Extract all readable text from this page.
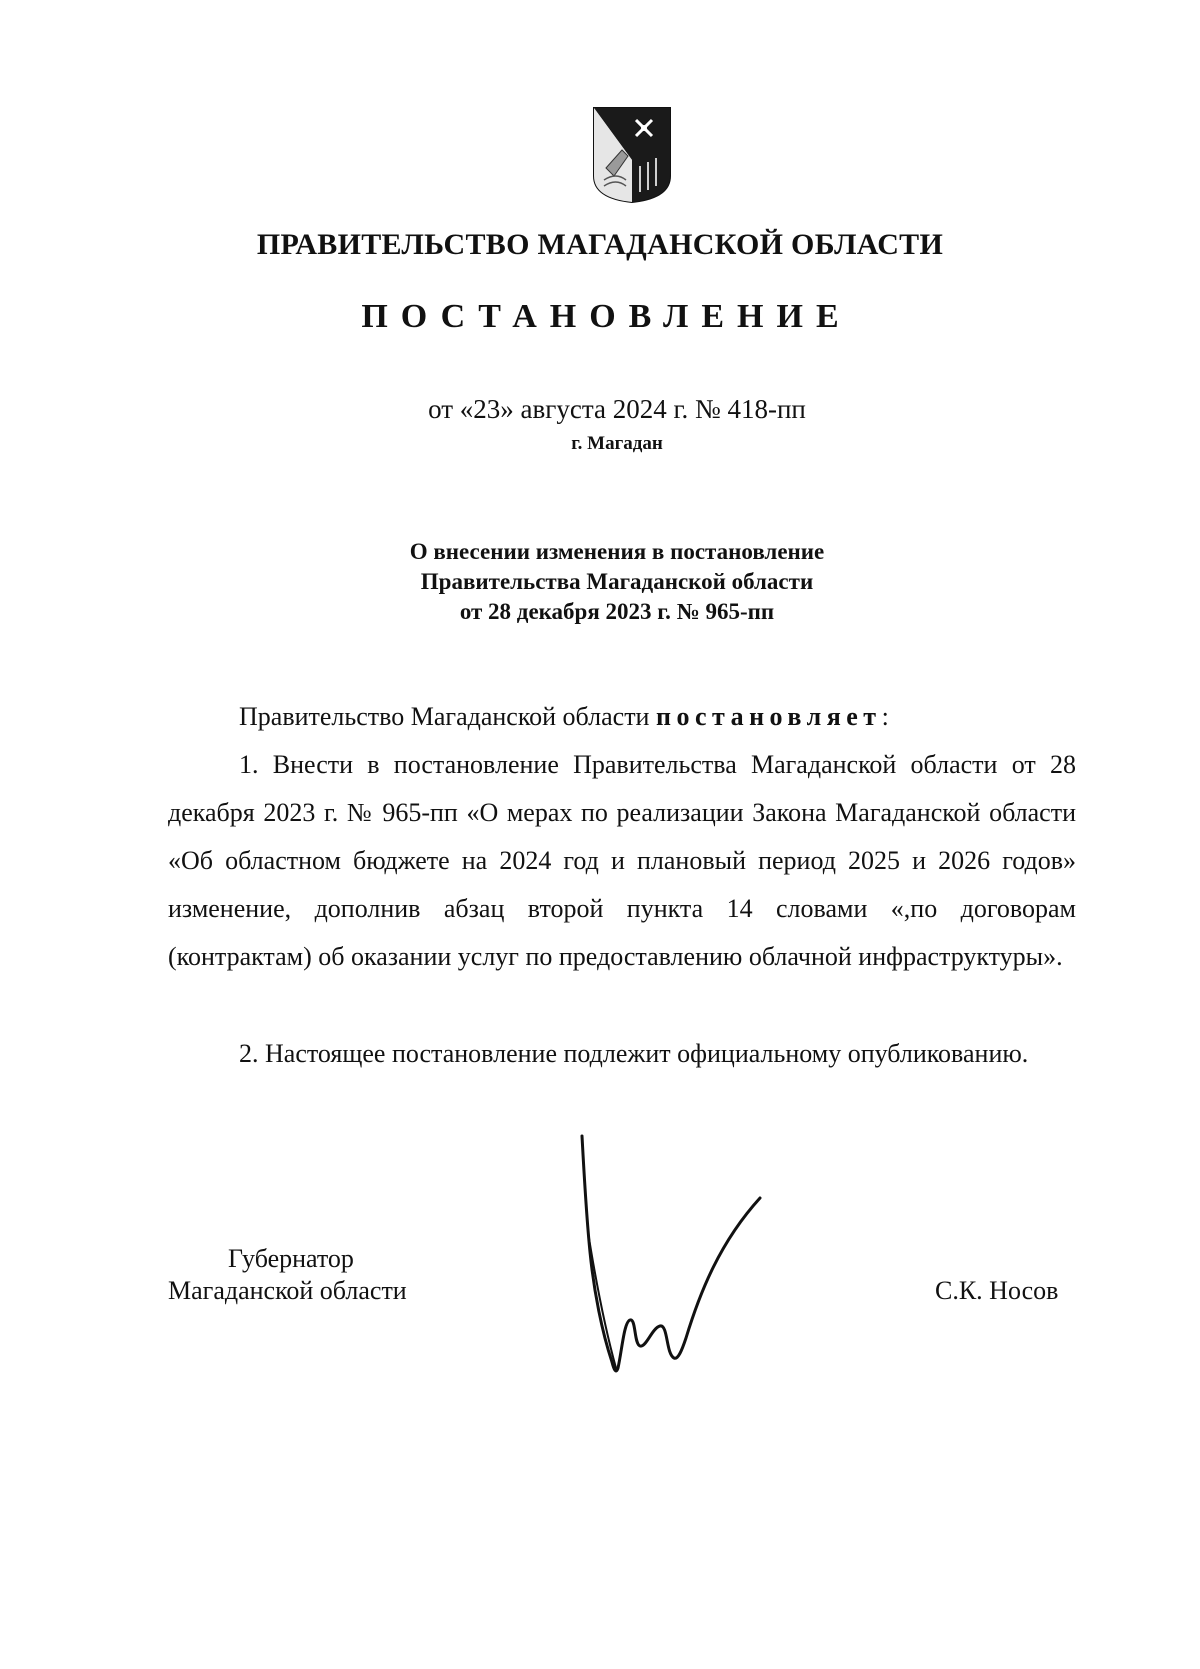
ПРАВИТЕЛЬСТВО МАГАДАНСКОЙ ОБЛАСТИ
ПОСТАНОВЛЕНИЕ
от «23» августа 2024 г. № 418-пп
г. Магадан
О внесении изменения в постановление
Правительства Магаданской области
от 28 декабря 2023 г. № 965-пп
Правительство Магаданской области постановляет:
1. Внести в постановление Правительства Магаданской области от 28 декабря 2023 г. № 965-пп «О мерах по реализации Закона Магаданской области «Об областном бюджете на 2024 год и плановый период 2025 и 2026 годов» изменение, дополнив абзац второй пункта 14 словами «,по договорам (контрактам) об оказании услуг по предоставлению облачной инфраструктуры».
2. Настоящее постановление подлежит официальному опубликованию.
Губернатор
Магаданской области	С.К. Носов
